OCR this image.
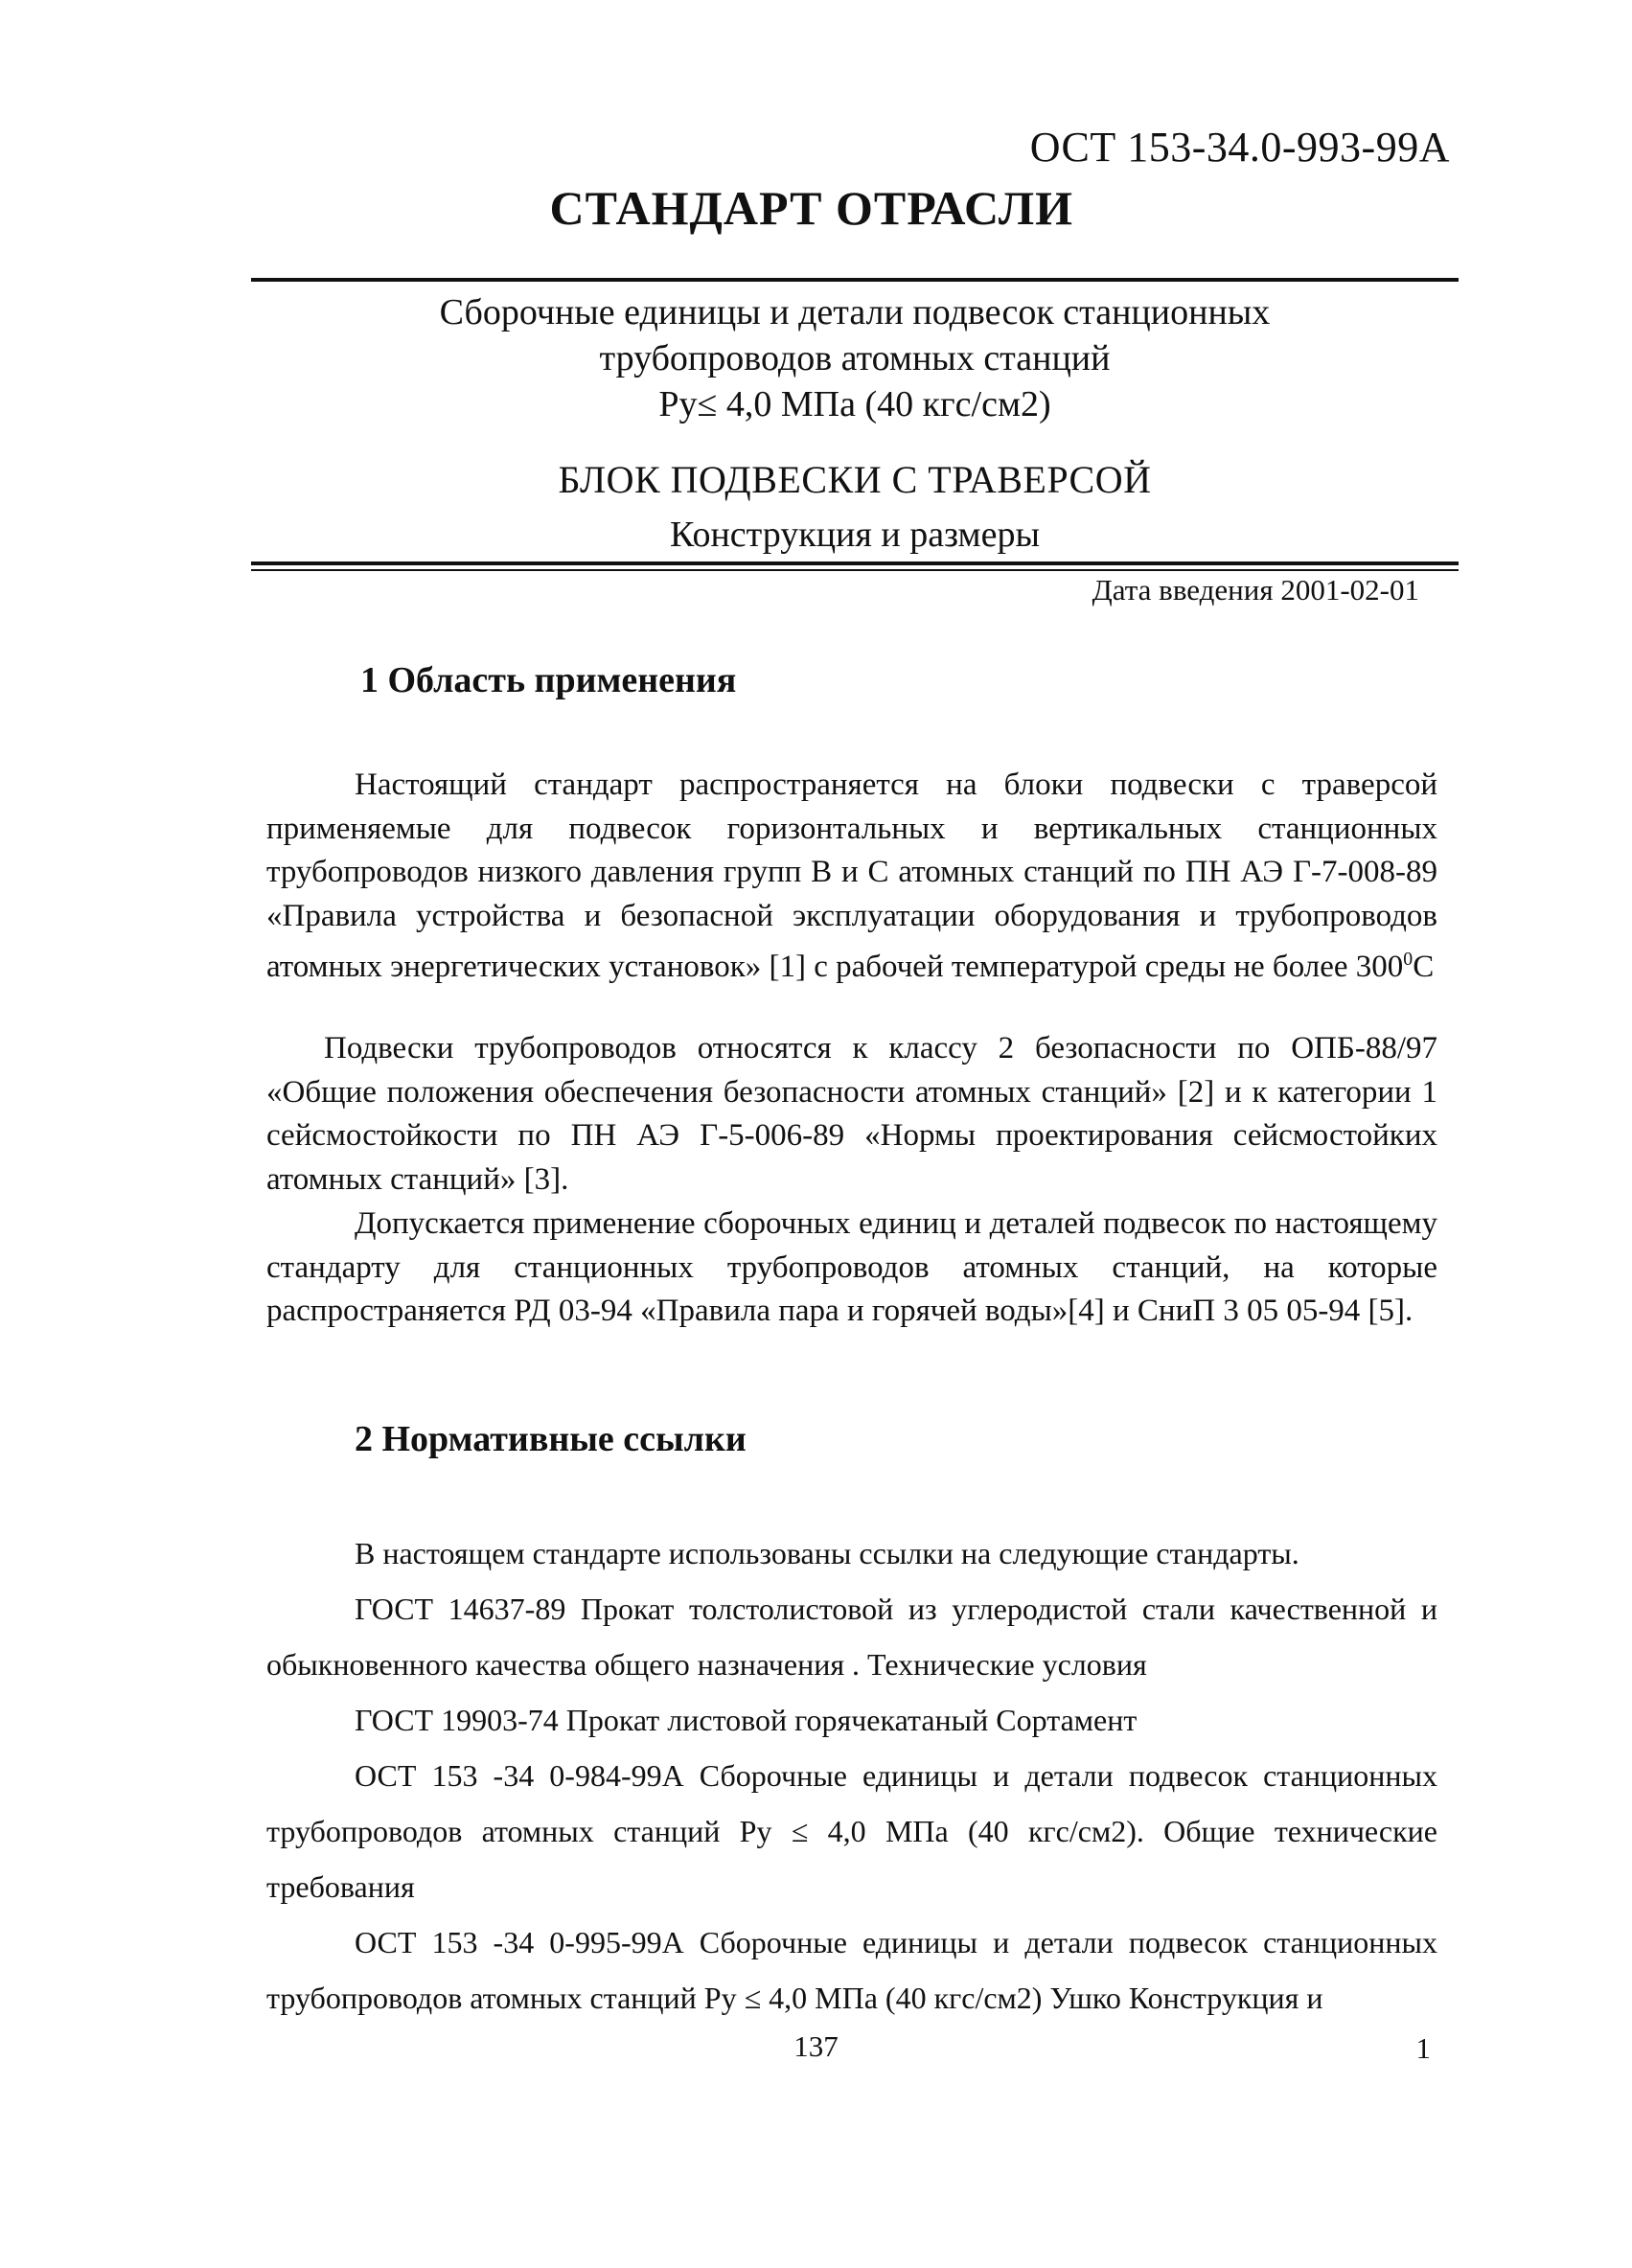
ОСТ 153-34.0-993-99А
СТАНДАРТ ОТРАСЛИ
Сборочные единицы и детали подвесок станционных
трубопроводов атомных станций
Ру≤ 4,0 МПа (40 кгс/см2)
БЛОК ПОДВЕСКИ С ТРАВЕРСОЙ
Конструкция и размеры
Дата введения 2001-02-01
1 Область применения
Настоящий стандарт распространяется на блоки подвески с траверсой применяемые для подвесок горизонтальных и вертикальных станционных трубопроводов низкого давления групп В и С атомных станций по ПН АЭ Г-7-008-89 «Правила устройства и безопасной эксплуатации оборудования и трубопроводов атомных энергетических установок» [1] с рабочей температурой среды не более $300^0С$
Подвески трубопроводов относятся к классу 2 безопасности по ОПБ-88/97 «Общие положения обеспечения безопасности атомных станций» [2] и к категории 1 сейсмостойкости по ПН АЭ Г-5-006-89 «Нормы проектирования сейсмостойких атомных станций» [3].
Допускается применение сборочных единиц и деталей подвесок по настоящему стандарту для станционных трубопроводов атомных станций, на которые распространяется РД 03-94 «Правила пара и горячей воды»[4] и СниП 3 05 05-94 [5].
2 Нормативные ссылки
В настоящем стандарте использованы ссылки на следующие стандарты.
ГОСТ 14637-89 Прокат толстолистовой из углеродистой стали качественной и обыкновенного качества общего назначения . Технические условия
ГОСТ 19903-74 Прокат листовой горячекатаный Сортамент
ОСТ 153 -34 0-984-99А Сборочные единицы и детали подвесок станционных трубопроводов атомных станций Ру ≤ 4,0 МПа (40 кгс/см2). Общие технические требования
ОСТ 153 -34 0-995-99А Сборочные единицы и детали подвесок станционных трубопроводов атомных станций Ру ≤ 4,0 МПа (40 кгс/см2) Ушко Конструкция и
137	1
